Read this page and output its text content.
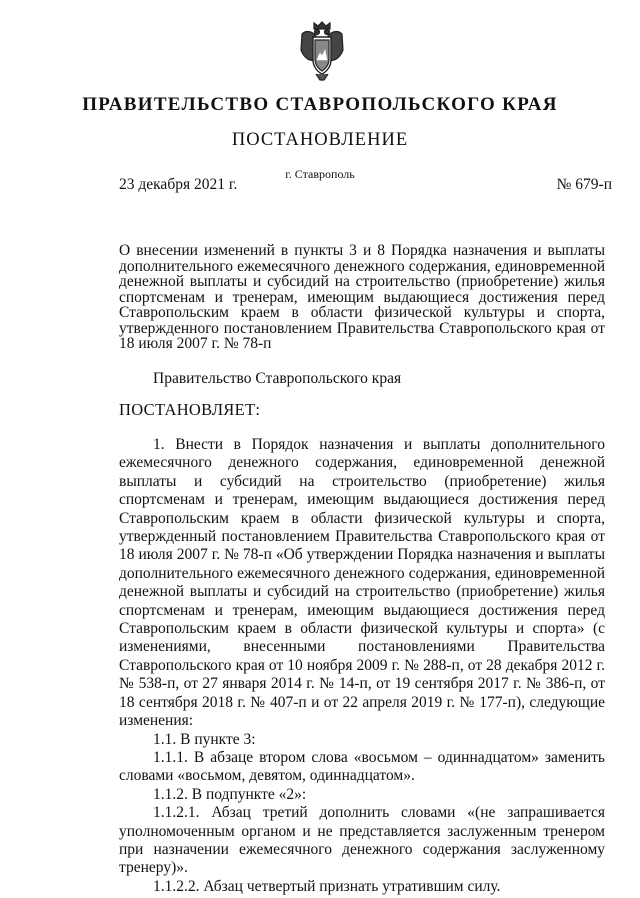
ПРАВИТЕЛЬСТВО СТАВРОПОЛЬСКОГО КРАЯ
ПОСТАНОВЛЕНИЕ
г. Ставрополь
23 декабря 2021 г.	№ 679-п
О внесении изменений в пункты 3 и 8 Порядка назначения и выплаты дополнительного ежемесячного денежного содержания, единовременной денежной выплаты и субсидий на строительство (приобретение) жилья спортсменам и тренерам, имеющим выдающиеся достижения перед Ставропольским краем в области физической культуры и спорта, утвержденного постановлением Правительства Ставропольского края от 18 июля 2007 г. № 78-п
Правительство Ставропольского края
ПОСТАНОВЛЯЕТ:

1. Внести в Порядок назначения и выплаты дополнительного ежемесячного денежного содержания, единовременной денежной выплаты и субсидий на строительство (приобретение) жилья спортсменам и тренерам, имеющим выдающиеся достижения перед Ставропольским краем в области физической культуры и спорта, утвержденный постановлением Правительства Ставропольского края от 18 июля 2007 г. № 78-п «Об утверждении Порядка назначения и выплаты дополнительного ежемесячного денежного содержания, единовременной денежной выплаты и субсидий на строительство (приобретение) жилья спортсменам и тренерам, имеющим выдающиеся достижения перед Ставропольским краем в области физической культуры и спорта» (с изменениями, внесенными постановлениями Правительства Ставропольского края от 10 ноября 2009 г. № 288-п, от 28 декабря 2012 г. № 538-п, от 27 января 2014 г. № 14-п, от 19 сентября 2017 г. № 386-п, от 18 сентября 2018 г. № 407-п и от 22 апреля 2019 г. № 177-п), следующие изменения:

1.1. В пункте 3:

1.1.1. В абзаце втором слова «восьмом – одиннадцатом» заменить словами «восьмом, девятом, одиннадцатом».

1.1.2. В подпункте «2»:

1.1.2.1. Абзац третий дополнить словами «(не запрашивается уполномоченным органом и не представляется заслуженным тренером при назначении ежемесячного денежного содержания заслуженному тренеру)».

1.1.2.2. Абзац четвертый признать утратившим силу.
